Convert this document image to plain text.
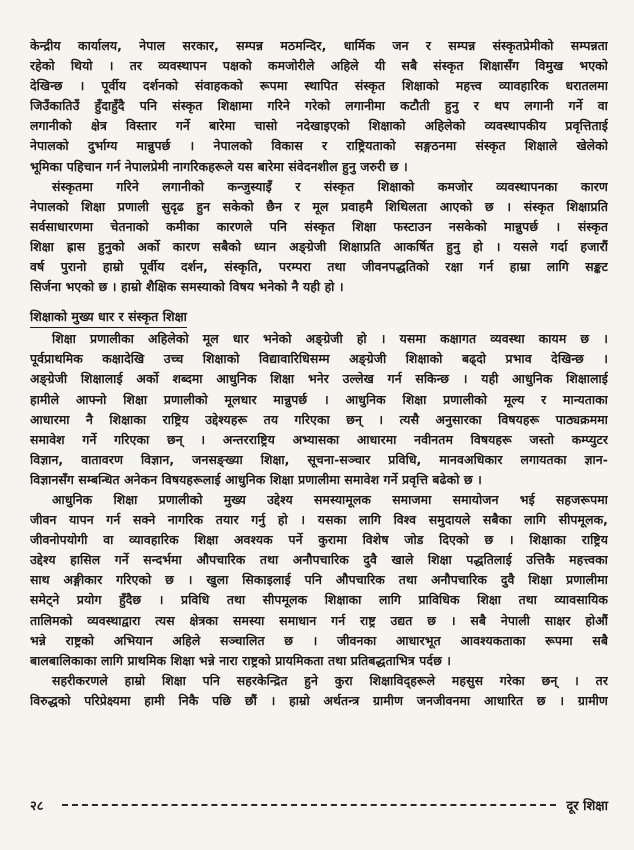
केन्द्रीय कार्यालय, नेपाल सरकार, सम्पन्न मठमन्दिर, धार्मिक जन र सम्पन्न संस्कृतप्रेमीको सम्पन्नता
रहेको थियो । तर व्यवस्थापन पक्षको कमजोरीले अहिले यी सबै संस्कृत शिक्षासँग विमुख भएको
देखिन्छ । पूर्वीय दर्शनको संवाहकको रूपमा स्थापित संस्कृत शिक्षाको महत्त्व व्यावहारिक धरातलमा
जिउँकातिउँ हुँदाहुँदै पनि संस्कृत शिक्षामा गरिने गरेको लगानीमा कटौती हुनु र थप लगानी गर्ने वा
लगानीको क्षेत्र विस्तार गर्ने बारेमा चासो नदेखाइएको शिक्षाको अहिलेको व्यवस्थापकीय प्रवृत्तिताई
नेपालको दुर्भाग्य मान्नुपर्छ । नेपालको विकास र राष्ट्रियताको सङ्गठनमा संस्कृत शिक्षाले खेलेको
भूमिका पहिचान गर्न नेपालप्रेमी नागरिकहरूले यस बारेमा संवेदनशील हुनु जरुरी छ ।
संस्कृतमा गरिने लगानीको कन्जुस्याइँ र संस्कृत शिक्षाको कमजोर व्यवस्थापनका कारण
नेपालको शिक्षा प्रणाली सुदृढ हुन सकेको छैन र मूल प्रवाहमै शिथिलता आएको छ । संस्कृत शिक्षाप्रति
सर्वसाधारणमा चेतनाको कमीका कारणले पनि संस्कृत शिक्षा फस्टाउन नसकेको मान्नुपर्छ । संस्कृत
शिक्षा ह्रास हुनुको अर्को कारण सबैको ध्यान अङ्ग्रेजी शिक्षाप्रति आकर्षित हुनु हो । यसले गर्दा हजारौं
वर्ष पुरानो हाम्रो पूर्वीय दर्शन, संस्कृति, परम्परा तथा जीवनपद्धतिको रक्षा गर्न हाम्रा लागि सङ्कट
सिर्जना भएको छ । हाम्रो शैक्षिक समस्याको विषय भनेको नै यही हो ।
शिक्षाको मुख्य धार र संस्कृत शिक्षा
शिक्षा प्रणालीका अहिलेको मूल धार भनेको अङ्ग्रेजी हो । यसमा कक्षागत व्यवस्था कायम छ ।
पूर्वप्राथमिक कक्षादेखि उच्च शिक्षाको विद्यावारिधिसम्म अङ्ग्रेजी शिक्षाको बढ्दो प्रभाव देखिन्छ ।
अङ्ग्रेजी शिक्षालाई अर्को शब्दमा आधुनिक शिक्षा भनेर उल्लेख गर्न सकिन्छ । यही आधुनिक शिक्षालाई
हामीले आफ्नो शिक्षा प्रणालीको मूलधार मान्नुपर्छ । आधुनिक शिक्षा प्रणालीको मूल्य र मान्यताका
आधारमा नै शिक्षाका राष्ट्रिय उद्देश्यहरू तय गरिएका छन् । त्यसै अनुसारका विषयहरू पाठ्यक्रममा
समावेश गर्ने गरिएका छन् । अन्तरराष्ट्रिय अभ्यासका आधारमा नवीनतम विषयहरू जस्तो कम्प्युटर
विज्ञान, वातावरण विज्ञान, जनसङ्ख्या शिक्षा, सूचना-सञ्चार प्रविधि, मानवअधिकार लगायतका ज्ञान-
विज्ञानसँग सम्बन्धित अनेकन विषयहरूलाई आधुनिक शिक्षा प्रणालीमा समावेश गर्ने प्रवृत्ति बढेको छ ।
आधुनिक शिक्षा प्रणालीको मुख्य उद्देश्य समस्यामूलक समाजमा समायोजन भई सहजरूपमा
जीवन यापन गर्न सक्ने नागरिक तयार गर्नु हो । यसका लागि विश्व समुदायले सबैका लागि सीपमूलक,
जीवनोपयोगी वा व्यावहारिक शिक्षा अवश्यक पर्ने कुरामा विशेष जोड दिएको छ । शिक्षाका राष्ट्रिय
उद्देश्य हासिल गर्ने सन्दर्भमा औपचारिक तथा अनौपचारिक दुवै खाले शिक्षा पद्धतिलाई उत्तिकै महत्त्वका
साथ अङ्गीकार गरिएको छ । खुला सिकाइलाई पनि औपचारिक तथा अनौपचारिक दुवै शिक्षा प्रणालीमा
समेट्ने प्रयोग हुँदैछ । प्रविधि तथा सीपमूलक शिक्षाका लागि प्राविधिक शिक्षा तथा व्यावसायिक
तालिमको व्यवस्थाद्वारा त्यस क्षेत्रका समस्या समाधान गर्न राष्ट्र उद्यत छ । सबै नेपाली साक्षर होऔं
भन्ने राष्ट्रको अभियान अहिले सञ्चालित छ । जीवनका आधारभूत आवश्यकताका रूपमा सबै
बालबालिकाका लागि प्राथमिक शिक्षा भन्ने नारा राष्ट्रको प्रायमिकता तथा प्रतिबद्धताभित्र पर्दछ ।
सहरीकरणले हाम्रो शिक्षा पनि सहरकेन्द्रित हुने कुरा शिक्षाविद्हरूले महसुस गरेका छन् । तर
विरुद्धको परिप्रेक्ष्यमा हामी निकै पछि छौं । हाम्रो अर्थतन्त्र ग्रामीण जनजीवनमा आधारित छ । ग्रामीण
२८	दूर शिक्षा
